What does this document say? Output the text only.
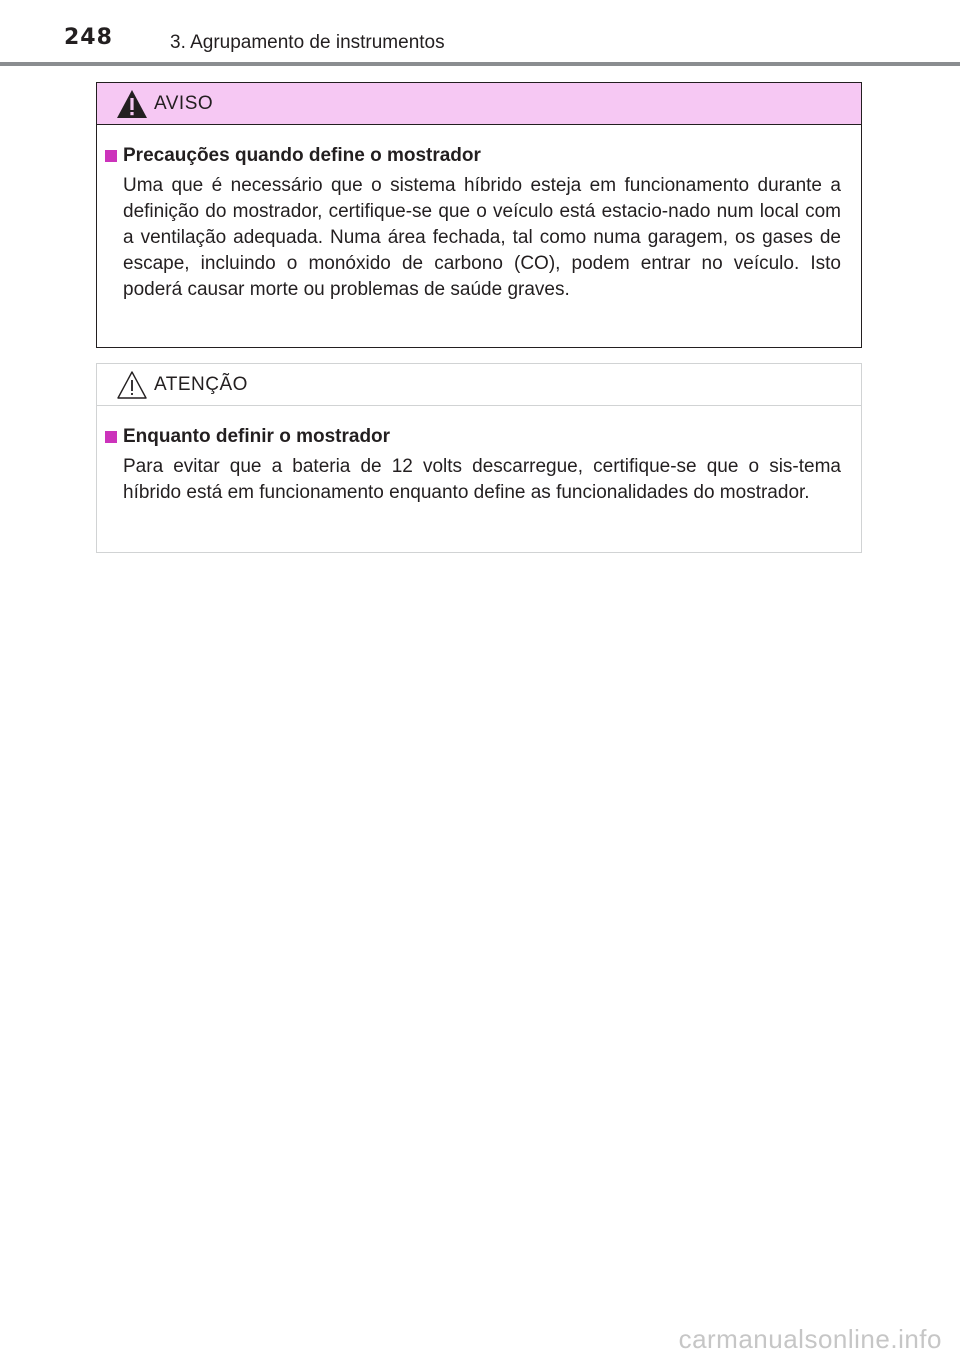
248	3. Agrupamento de instrumentos
AVISO
Precauções quando define o mostrador

Uma que é necessário que o sistema híbrido esteja em funcionamento durante a definição do mostrador, certifique-se que o veículo está estacio-nado num local com a ventilação adequada. Numa área fechada, tal como numa garagem, os gases de escape, incluindo o monóxido de carbono (CO), podem entrar no veículo. Isto poderá causar morte ou problemas de saúde graves.

ATENÇÃO
Enquanto definir o mostrador

Para evitar que a bateria de 12 volts descarregue, certifique-se que o sis-tema híbrido está em funcionamento enquanto define as funcionalidades do mostrador.

carmanualsonline.info
